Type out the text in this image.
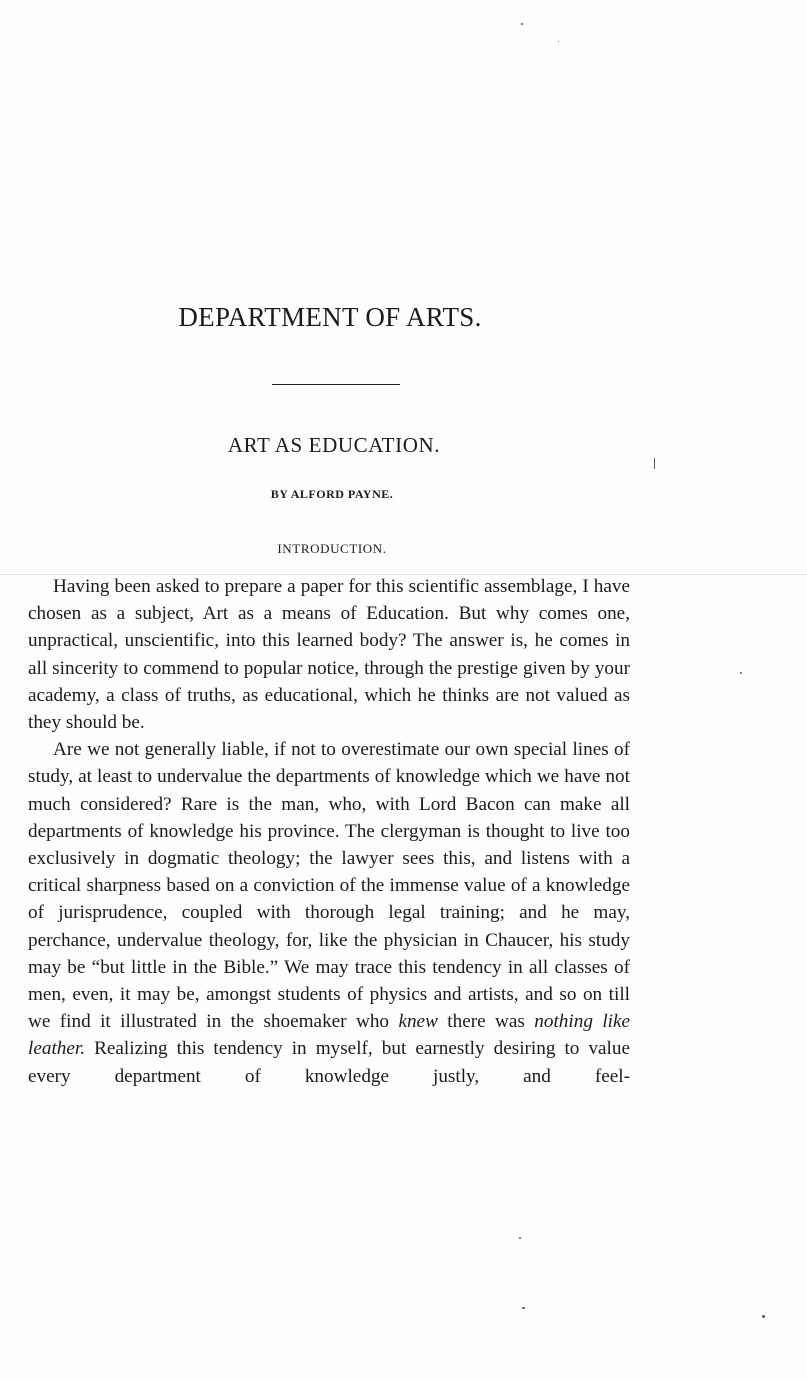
DEPARTMENT OF ARTS.
ART AS EDUCATION.
BY ALFORD PAYNE.
INTRODUCTION.

Having been asked to prepare a paper for this scientific assemblage, I have chosen as a subject, Art as a means of Education. But why comes one, unpractical, unscientific, into this learned body? The answer is, he comes in all sincerity to commend to popular notice, through the prestige given by your academy, a class of truths, as educational, which he thinks are not valued as they should be.

Are we not generally liable, if not to overestimate our own special lines of study, at least to undervalue the departments of knowledge which we have not much considered? Rare is the man, who, with Lord Bacon can make all departments of knowledge his province. The clergyman is thought to live too exclusively in dogmatic theology; the lawyer sees this, and listens with a critical sharpness based on a conviction of the immense value of a knowledge of jurisprudence, coupled with thorough legal training; and he may, perchance, undervalue theology, for, like the physician in Chaucer, his study may be “but little in the Bible.” We may trace this tendency in all classes of men, even, it may be, amongst students of physics and artists, and so on till we find it illustrated in the shoemaker who knew there was nothing like leather. Realizing this tendency in myself, but earnestly desiring to value every department of knowledge justly, and feel-
